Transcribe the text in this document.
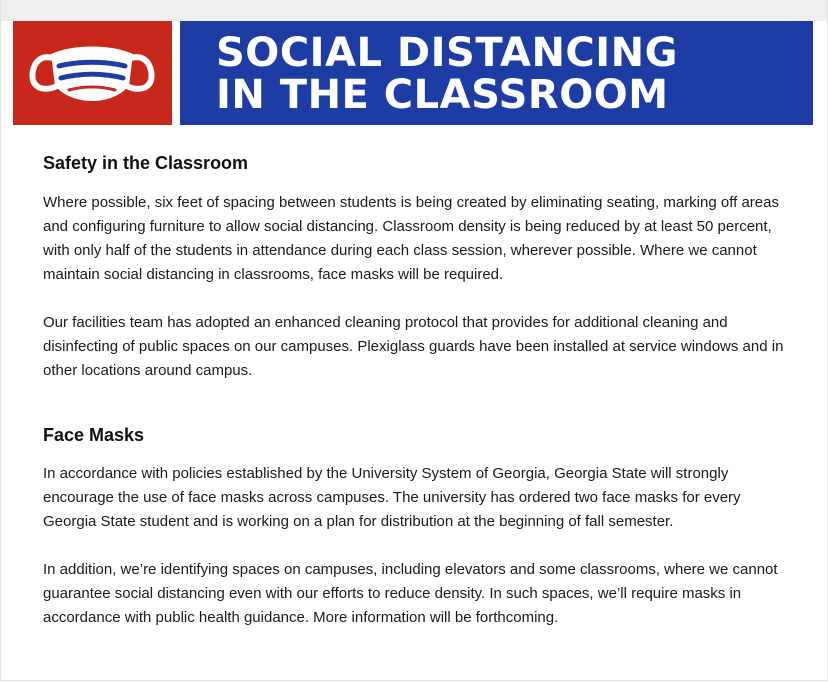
SOCIAL DISTANCING
IN THE CLASSROOM
Safety in the Classroom

Where possible, six feet of spacing between students is being created by eliminating seating, marking off areas and configuring furniture to allow social distancing. Classroom density is being reduced by at least 50 percent, with only half of the students in attendance during each class session, wherever possible. Where we cannot maintain social distancing in classrooms, face masks will be required.

Our facilities team has adopted an enhanced cleaning protocol that provides for additional cleaning and disinfecting of public spaces on our campuses. Plexiglass guards have been installed at service windows and in other locations around campus.

Face Masks

In accordance with policies established by the University System of Georgia, Georgia State will strongly encourage the use of face masks across campuses. The university has ordered two face masks for every Georgia State student and is working on a plan for distribution at the beginning of fall semester.

In addition, we’re identifying spaces on campuses, including elevators and some classrooms, where we cannot guarantee social distancing even with our efforts to reduce density. In such spaces, we’ll require masks in accordance with public health guidance. More information will be forthcoming.
